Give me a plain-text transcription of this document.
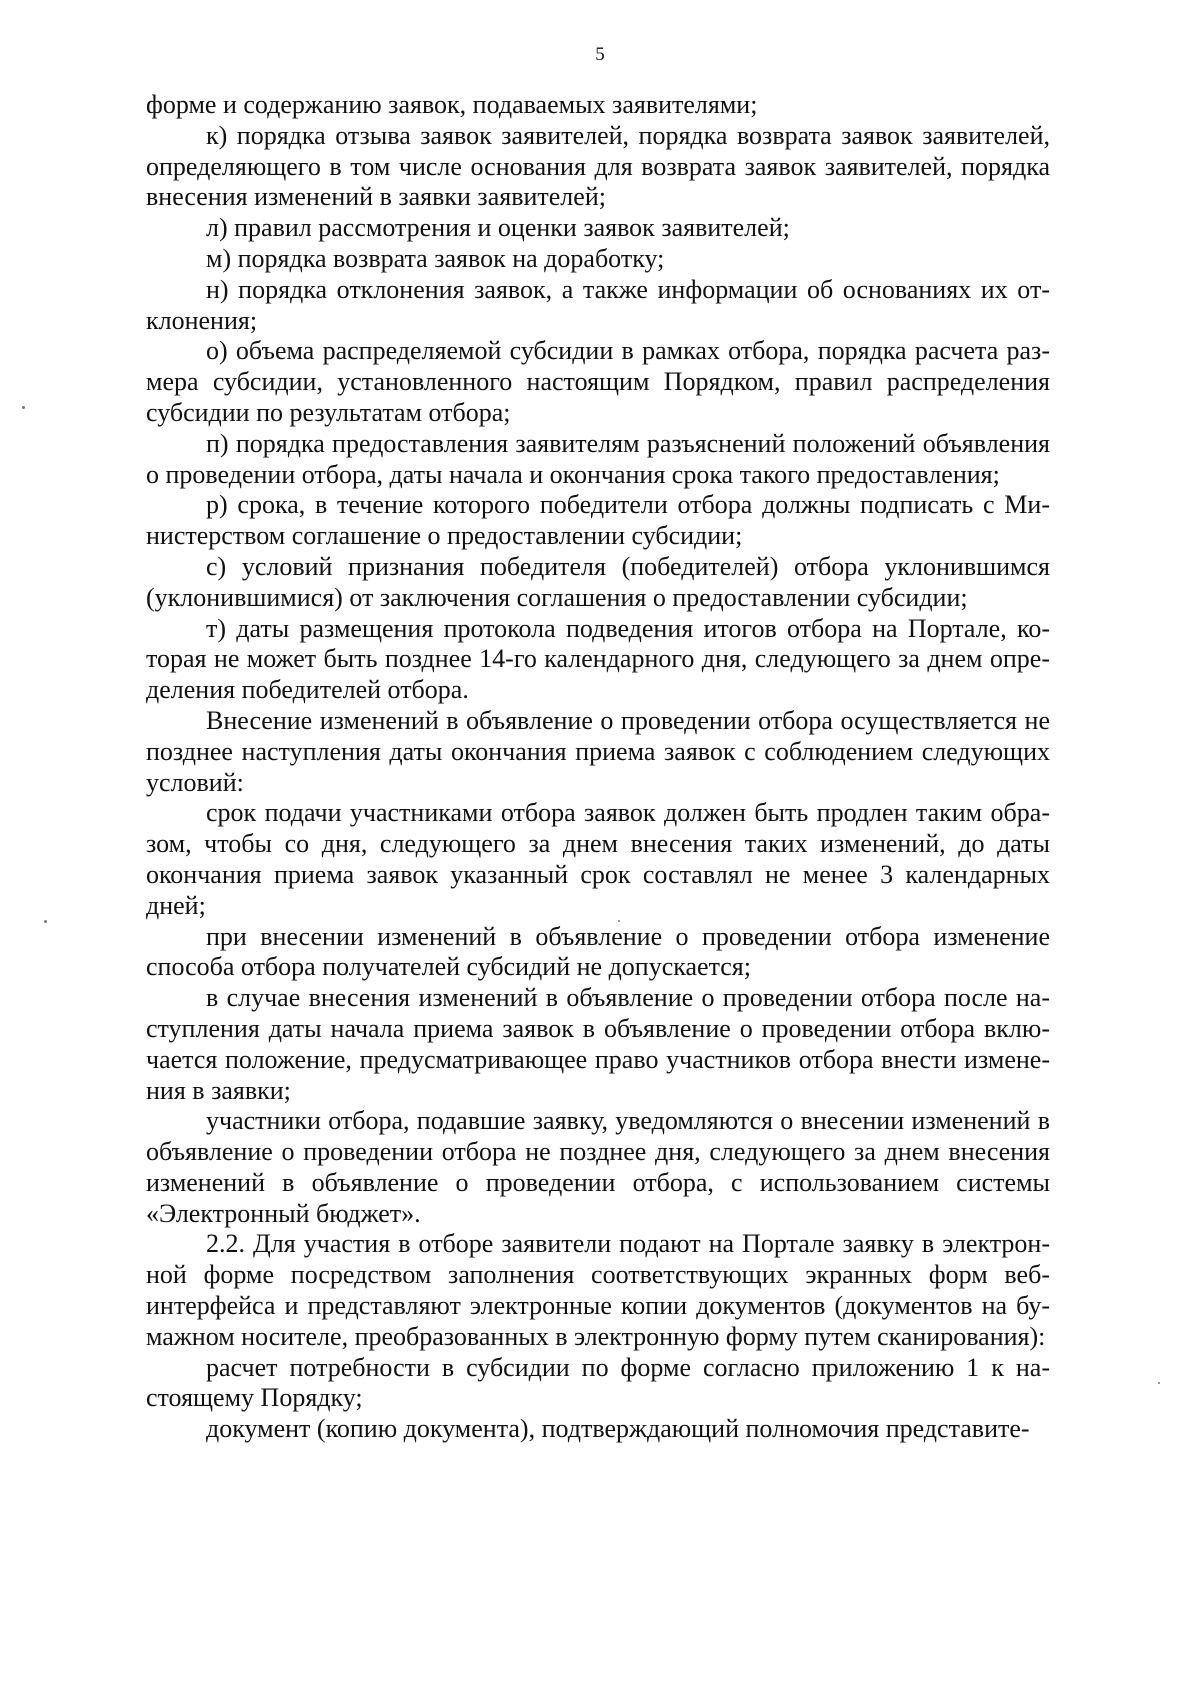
5

форме и содержанию заявок, подаваемых заявителями;

к) порядка отзыва заявок заявителей, порядка возврата заявок заявителей, определяющего в том числе основания для возврата заявок заявителей, порядка внесения изменений в заявки заявителей;

л) правил рассмотрения и оценки заявок заявителей;

м) порядка возврата заявок на доработку;

н) порядка отклонения заявок, а также информации об основаниях их отклонения;

о) объема распределяемой субсидии в рамках отбора, порядка расчета размера субсидии, установленного настоящим Порядком, правил распределения субсидии по результатам отбора;

п) порядка предоставления заявителям разъяснений положений объявления о проведении отбора, даты начала и окончания срока такого предоставления;

р) срока, в течение которого победители отбора должны подписать с Министерством соглашение о предоставлении субсидии;

с) условий признания победителя (победителей) отбора уклонившимся (уклонившимися) от заключения соглашения о предоставлении субсидии;

т) даты размещения протокола подведения итогов отбора на Портале, которая не может быть позднее 14-го календарного дня, следующего за днем определения победителей отбора.

Внесение изменений в объявление о проведении отбора осуществляется не позднее наступления даты окончания приема заявок с соблюдением следующих условий:

срок подачи участниками отбора заявок должен быть продлен таким образом, чтобы со дня, следующего за днем внесения таких изменений, до даты окончания приема заявок указанный срок составлял не менее 3 календарных дней;

при внесении изменений в объявление о проведении отбора изменение способа отбора получателей субсидий не допускается;

в случае внесения изменений в объявление о проведении отбора после наступления даты начала приема заявок в объявление о проведении отбора включается положение, предусматривающее право участников отбора внести изменения в заявки;

участники отбора, подавшие заявку, уведомляются о внесении изменений в объявление о проведении отбора не позднее дня, следующего за днем внесения изменений в объявление о проведении отбора, с использованием системы «Электронный бюджет».

2.2. Для участия в отборе заявители подают на Портале заявку в электронной форме посредством заполнения соответствующих экранных форм вебинтерфейса и представляют электронные копии документов (документов на бумажном носителе, преобразованных в электронную форму путем сканирования):

расчет потребности в субсидии по форме согласно приложению 1 к настоящему Порядку;

документ (копию документа), подтверждающий полномочия представите-
